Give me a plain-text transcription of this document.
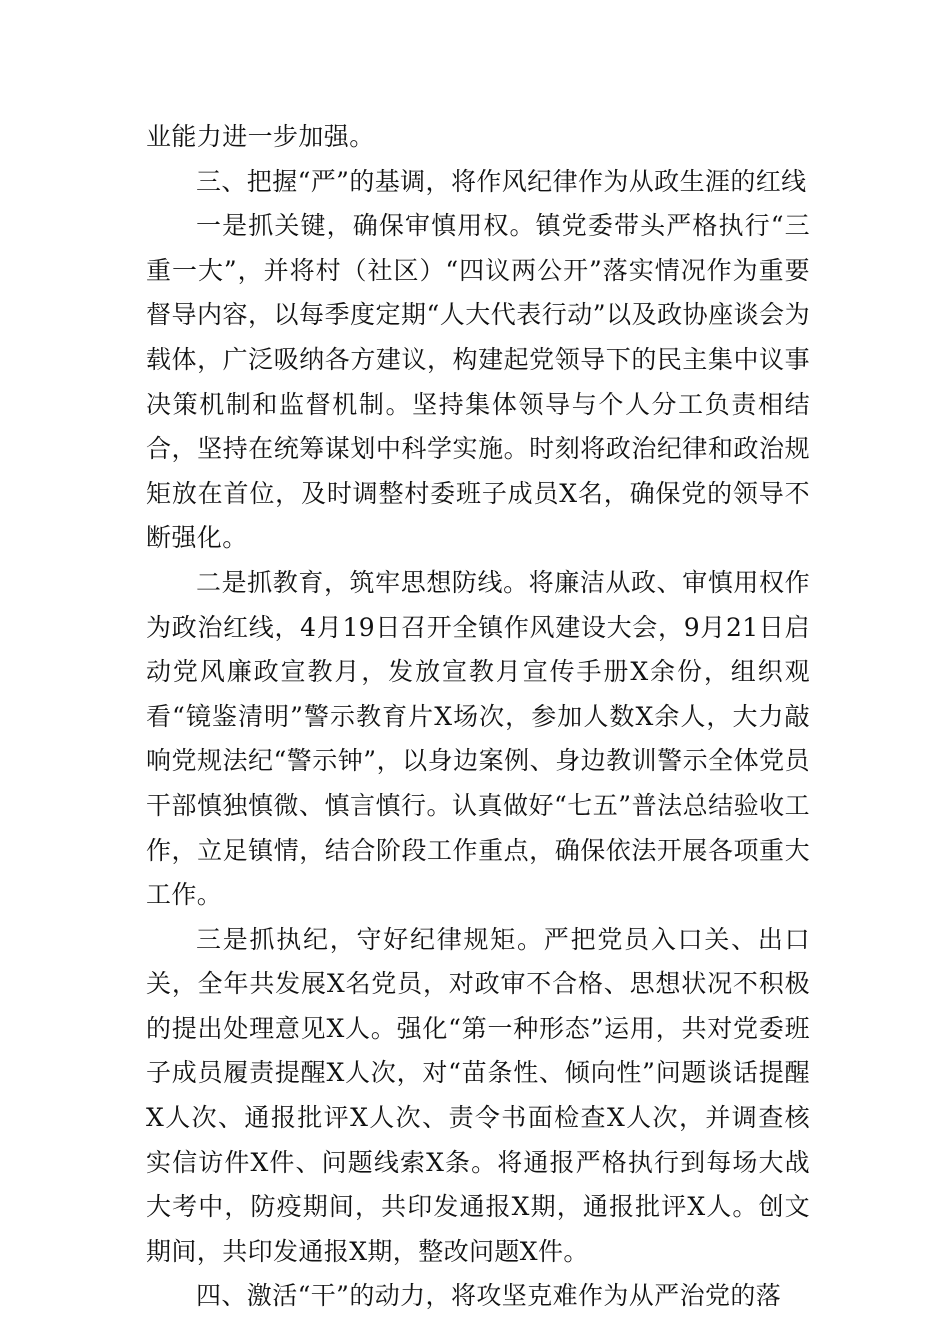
业能力进一步加强。

三、把握“严”的基调，将作风纪律作为从政生涯的红线

一是抓关键，确保审慎用权。镇党委带头严格执行“三重一大”，并将村（社区）“四议两公开”落实情况作为重要督导内容，以每季度定期“人大代表行动”以及政协座谈会为载体，广泛吸纳各方建议，构建起党领导下的民主集中议事决策机制和监督机制。坚持集体领导与个人分工负责相结合，坚持在统筹谋划中科学实施。时刻将政治纪律和政治规矩放在首位，及时调整村委班子成员X名，确保党的领导不断强化。

二是抓教育，筑牢思想防线。将廉洁从政、审慎用权作为政治红线，4月19日召开全镇作风建设大会，9月21日启动党风廉政宣教月，发放宣教月宣传手册X余份，组织观看“镜鉴清明”警示教育片X场次，参加人数X余人，大力敲响党规法纪“警示钟”，以身边案例、身边教训警示全体党员干部慎独慎微、慎言慎行。认真做好“七五”普法总结验收工作，立足镇情，结合阶段工作重点，确保依法开展各项重大工作。

三是抓执纪，守好纪律规矩。严把党员入口关、出口关，全年共发展X名党员，对政审不合格、思想状况不积极的提出处理意见X人。强化“第一种形态”运用，共对党委班子成员履责提醒X人次，对“苗条性、倾向性”问题谈话提醒X人次、通报批评X人次、责令书面检查X人次，并调查核实信访件X件、问题线索X条。将通报严格执行到每场大战大考中，防疫期间，共印发通报X期，通报批评X人。创文期间，共印发通报X期，整改问题X件。

四、激活“干”的动力，将攻坚克难作为从严治党的落
